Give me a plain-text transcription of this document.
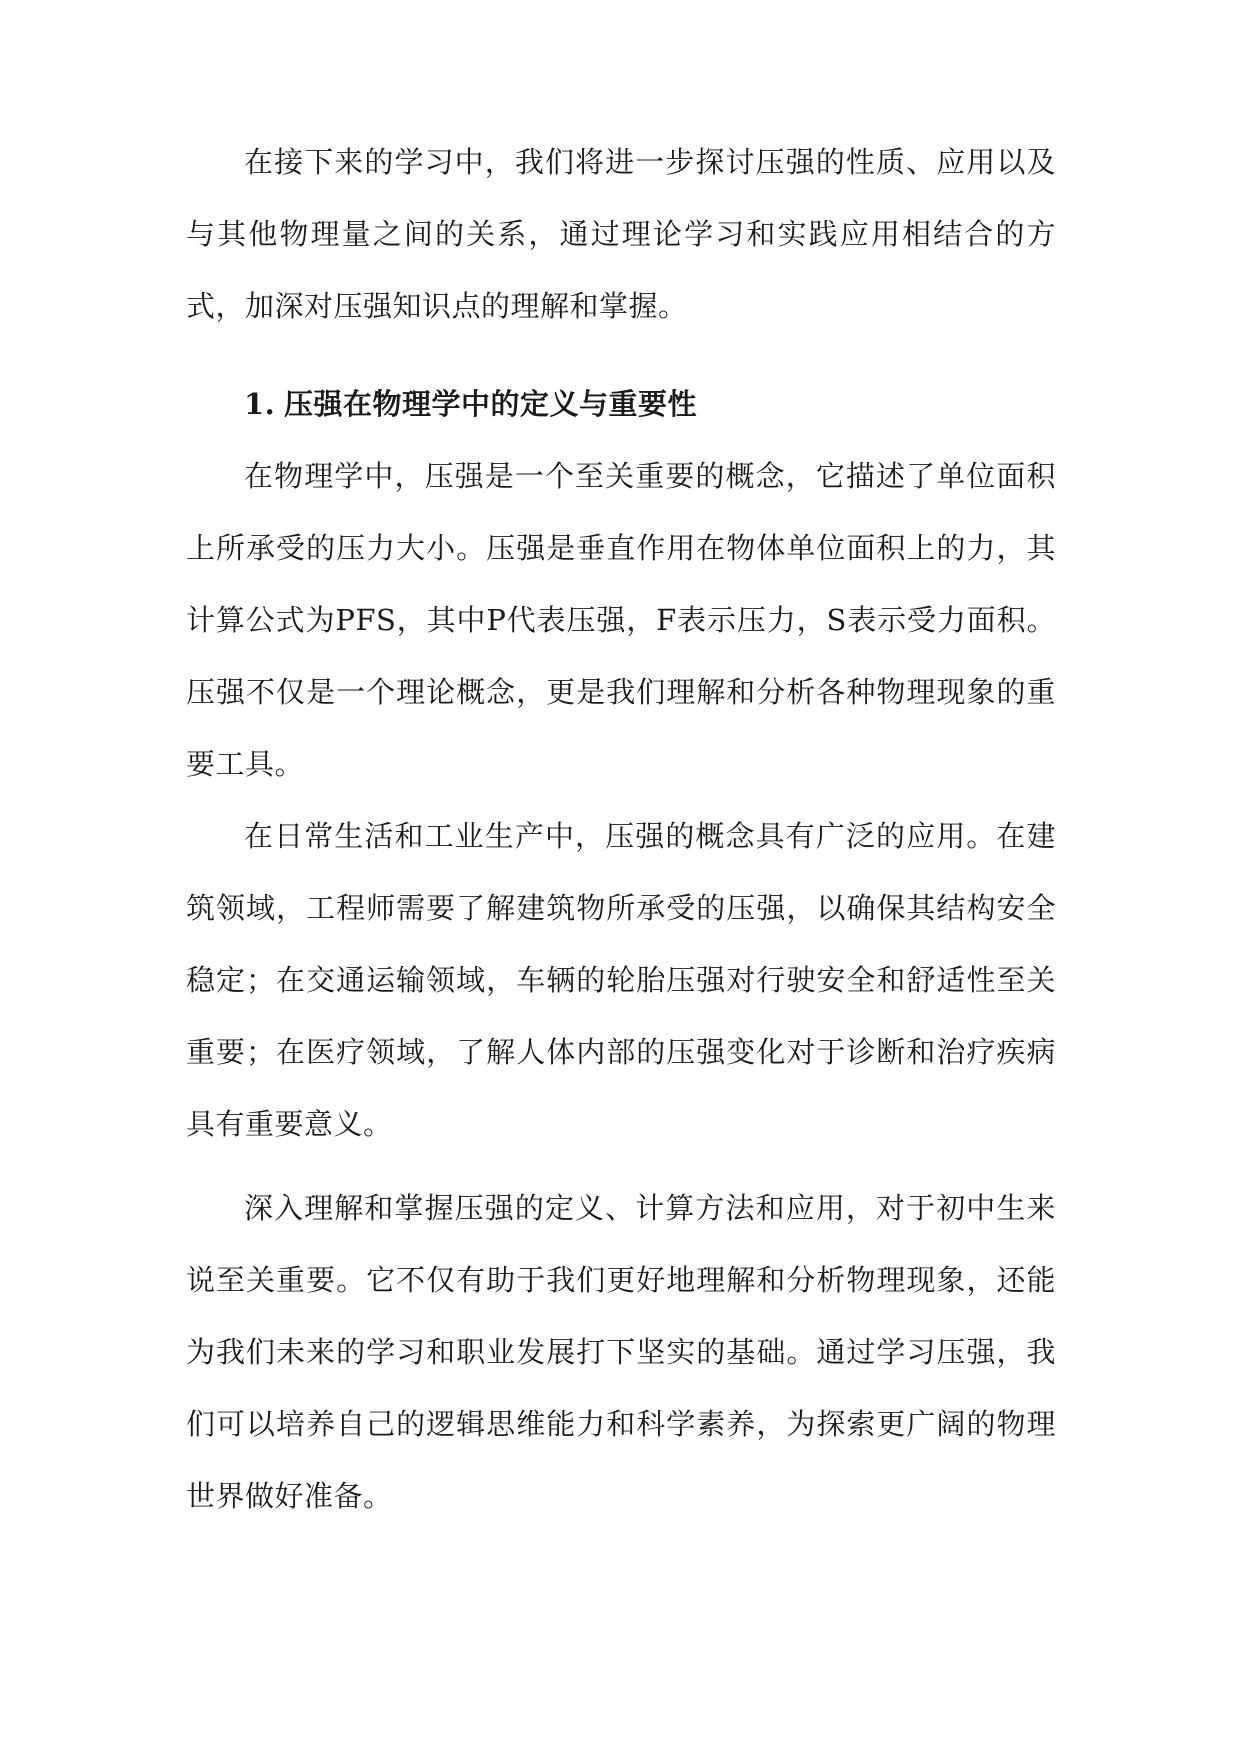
在接下来的学习中，我们将进一步探讨压强的性质、应用以及与其他物理量之间的关系，通过理论学习和实践应用相结合的方式，加深对压强知识点的理解和掌握。

1. 压强在物理学中的定义与重要性

在物理学中，压强是一个至关重要的概念，它描述了单位面积上所承受的压力大小。压强是垂直作用在物体单位面积上的力，其计算公式为PFS，其中P代表压强，F表示压力，S表示受力面积。压强不仅是一个理论概念，更是我们理解和分析各种物理现象的重要工具。

在日常生活和工业生产中，压强的概念具有广泛的应用。在建筑领域，工程师需要了解建筑物所承受的压强，以确保其结构安全稳定；在交通运输领域，车辆的轮胎压强对行驶安全和舒适性至关重要；在医疗领域，了解人体内部的压强变化对于诊断和治疗疾病具有重要意义。

深入理解和掌握压强的定义、计算方法和应用，对于初中生来说至关重要。它不仅有助于我们更好地理解和分析物理现象，还能为我们未来的学习和职业发展打下坚实的基础。通过学习压强，我们可以培养自己的逻辑思维能力和科学素养，为探索更广阔的物理世界做好准备。
